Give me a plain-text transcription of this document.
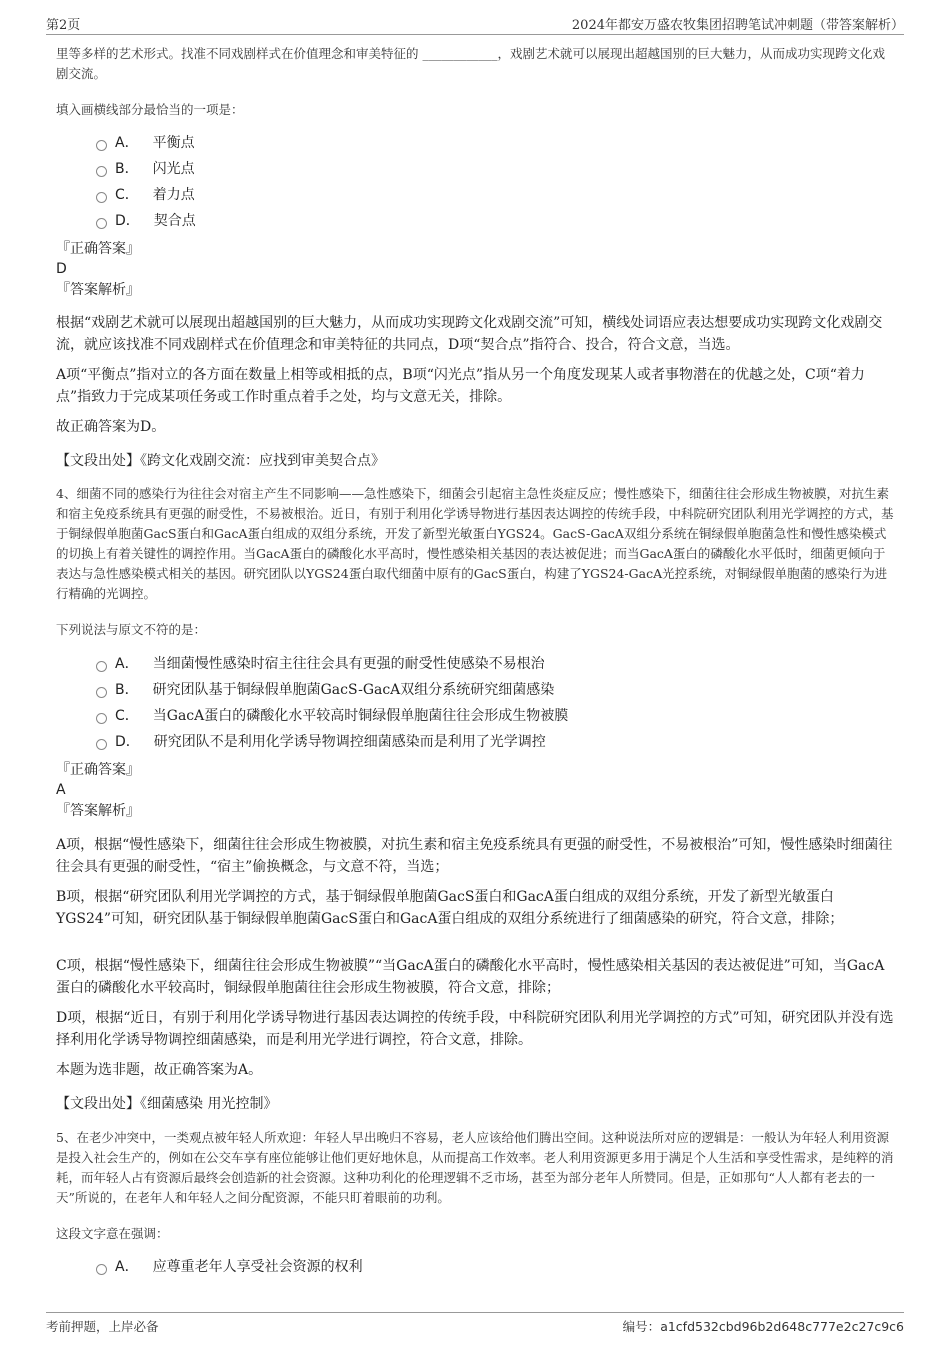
第2页	2024年都安万盛农牧集团招聘笔试冲刺题（带答案解析）
里等多样的艺术形式。找准不同戏剧样式在价值理念和审美特征的 ____________，戏剧艺术就可以展现出超越国别的巨大魅力，从而成功实现跨文化戏剧交流。
填入画横线部分最恰当的一项是：
A． 平衡点
B． 闪光点
C． 着力点
D． 契合点
『正确答案』
D
『答案解析』
根据“戏剧艺术就可以展现出超越国别的巨大魅力，从而成功实现跨文化戏剧交流”可知，横线处词语应表达想要成功实现跨文化戏剧交流，就应该找准不同戏剧样式在价值理念和审美特征的共同点，D项“契合点”指符合、投合，符合文意，当选。
A项“平衡点”指对立的各方面在数量上相等或相抵的点，B项“闪光点”指从另一个角度发现某人或者事物潜在的优越之处，C项“着力点”指致力于完成某项任务或工作时重点着手之处，均与文意无关，排除。
故正确答案为D。
【文段出处】《跨文化戏剧交流：应找到审美契合点》
4、细菌不同的感染行为往往会对宿主产生不同影响——急性感染下，细菌会引起宿主急性炎症反应；慢性感染下，细菌往往会形成生物被膜，对抗生素和宿主免疫系统具有更强的耐受性，不易被根治。近日，有别于利用化学诱导物进行基因表达调控的传统手段，中科院研究团队利用光学调控的方式，基于铜绿假单胞菌GacS蛋白和GacA蛋白组成的双组分系统，开发了新型光敏蛋白YGS24。GacS-GacA双组分系统在铜绿假单胞菌急性和慢性感染模式的切换上有着关键性的调控作用。当GacA蛋白的磷酸化水平高时，慢性感染相关基因的表达被促进；而当GacA蛋白的磷酸化水平低时，细菌更倾向于表达与急性感染模式相关的基因。研究团队以YGS24蛋白取代细菌中原有的GacS蛋白，构建了YGS24-GacA光控系统，对铜绿假单胞菌的感染行为进行精确的光调控。
下列说法与原文不符的是：
A． 当细菌慢性感染时宿主往往会具有更强的耐受性使感染不易根治
B． 研究团队基于铜绿假单胞菌GacS-GacA双组分系统研究细菌感染
C． 当GacA蛋白的磷酸化水平较高时铜绿假单胞菌往往会形成生物被膜
D． 研究团队不是利用化学诱导物调控细菌感染而是利用了光学调控
『正确答案』
A
『答案解析』
A项，根据“慢性感染下，细菌往往会形成生物被膜，对抗生素和宿主免疫系统具有更强的耐受性，不易被根治”可知，慢性感染时细菌往往会具有更强的耐受性，“宿主”偷换概念，与文意不符，当选；
B项，根据“研究团队利用光学调控的方式，基于铜绿假单胞菌GacS蛋白和GacA蛋白组成的双组分系统，开发了新型光敏蛋白YGS24”可知，研究团队基于铜绿假单胞菌GacS蛋白和GacA蛋白组成的双组分系统进行了细菌感染的研究，符合文意，排除；
C项，根据“慢性感染下，细菌往往会形成生物被膜”“当GacA蛋白的磷酸化水平高时，慢性感染相关基因的表达被促进”可知，当GacA蛋白的磷酸化水平较高时，铜绿假单胞菌往往会形成生物被膜，符合文意，排除；
D项，根据“近日，有别于利用化学诱导物进行基因表达调控的传统手段，中科院研究团队利用光学调控的方式”可知，研究团队并没有选择利用化学诱导物调控细菌感染，而是利用光学进行调控，符合文意，排除。
本题为选非题，故正确答案为A。
【文段出处】《细菌感染 用光控制》
5、在老少冲突中，一类观点被年轻人所欢迎：年轻人早出晚归不容易，老人应该给他们腾出空间。这种说法所对应的逻辑是：一般认为年轻人利用资源是投入社会生产的，例如在公交车享有座位能够让他们更好地休息，从而提高工作效率。老人利用资源更多用于满足个人生活和享受性需求，是纯粹的消耗，而年轻人占有资源后最终会创造新的社会资源。这种功利化的伦理逻辑不乏市场，甚至为部分老年人所赞同。但是，正如那句“人人都有老去的一天”所说的，在老年人和年轻人之间分配资源，不能只盯着眼前的功利。
这段文字意在强调：
A． 应尊重老年人享受社会资源的权利
考前押题，上岸必备	编号：a1cfd532cbd96b2d648c777e2c27c9c6
